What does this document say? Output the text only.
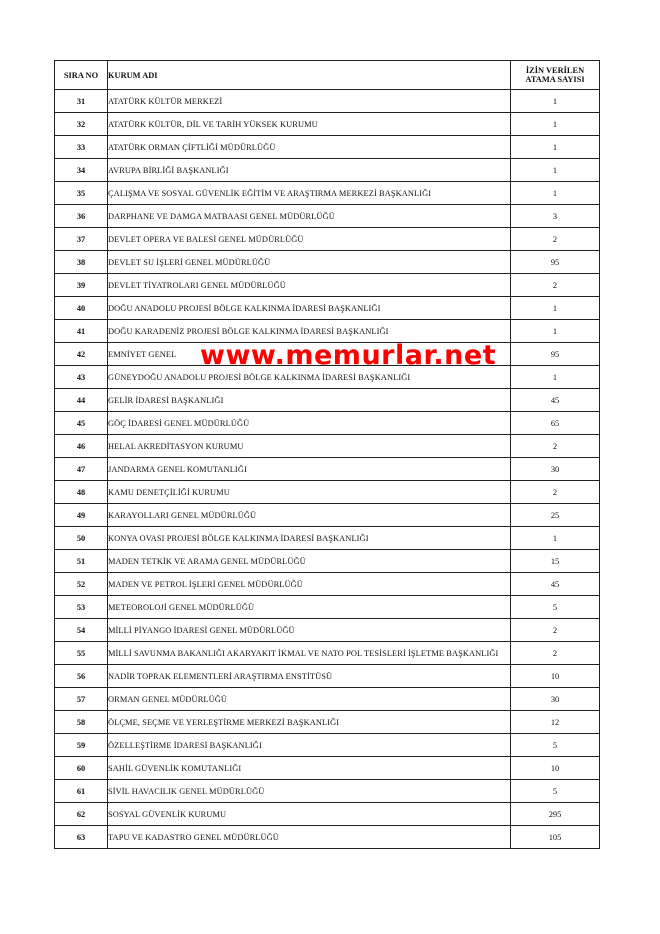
SIRA NO	KURUM ADI	İZİN VERİLEN
ATAMA SAYISI

31	ATATÜRK KÜLTÜR MERKEZİ	1
32	ATATÜRK KÜLTÜR, DİL VE TARİH YÜKSEK KURUMU	1
33	ATATÜRK ORMAN ÇİFTLİĞİ MÜDÜRLÜĞÜ	1
34	AVRUPA BİRLİĞİ BAŞKANLIĞI	1
35	ÇALIŞMA VE SOSYAL GÜVENLİK EĞİTİM VE ARAŞTIRMA MERKEZİ BAŞKANLIĞI	1
36	DARPHANE VE DAMGA MATBAASI GENEL MÜDÜRLÜĞÜ	3
37	DEVLET OPERA VE BALESİ GENEL MÜDÜRLÜĞÜ	2
38	DEVLET SU İŞLERİ GENEL MÜDÜRLÜĞÜ	95
39	DEVLET TİYATROLARI GENEL MÜDÜRLÜĞÜ	2
40	DOĞU ANADOLU PROJESİ BÖLGE KALKINMA İDARESİ BAŞKANLIĞI	1
41	DOĞU KARADENİZ PROJESİ BÖLGE KALKINMA İDARESİ BAŞKANLIĞI	1
42	EMNİYET GENEL	95
43	GÜNEYDOĞU ANADOLU PROJESİ BÖLGE KALKINMA İDARESİ BAŞKANLIĞI	1
44	GELİR İDARESİ BAŞKANLIĞI	45
45	GÖÇ İDARESİ GENEL MÜDÜRLÜĞÜ	65
46	HELAL AKREDİTASYON KURUMU	2
47	JANDARMA GENEL KOMUTANLIĞI	30
48	KAMU DENETÇİLİĞİ KURUMU	2
49	KARAYOLLARI GENEL MÜDÜRLÜĞÜ	25
50	KONYA OVASI PROJESİ BÖLGE KALKINMA İDARESİ BAŞKANLIĞI	1
51	MADEN TETKİK VE ARAMA GENEL MÜDÜRLÜĞÜ	15
52	MADEN VE PETROL İŞLERİ GENEL MÜDÜRLÜĞÜ	45
53	METEOROLOJİ GENEL MÜDÜRLÜĞÜ	5
54	MİLLİ PİYANGO İDARESİ GENEL MÜDÜRLÜĞÜ	2
55	MİLLİ SAVUNMA BAKANLIĞI AKARYAKIT İKMAL VE NATO POL TESİSLERİ İŞLETME BAŞKANLIĞI	2
56	NADİR TOPRAK ELEMENTLERİ ARAŞTIRMA ENSTİTÜSÜ	10
57	ORMAN GENEL MÜDÜRLÜĞÜ	30
58	ÖLÇME, SEÇME VE YERLEŞTİRME MERKEZİ BAŞKANLIĞI	12
59	ÖZELLEŞTİRME İDARESİ BAŞKANLIĞI	5
60	SAHİL GÜVENLİK KOMUTANLIĞI	10
61	SİVİL HAVACILIK GENEL MÜDÜRLÜĞÜ	5
62	SOSYAL GÜVENLİK KURUMU	295
63	TAPU VE KADASTRO GENEL MÜDÜRLÜĞÜ	105
www.memurlar.net
